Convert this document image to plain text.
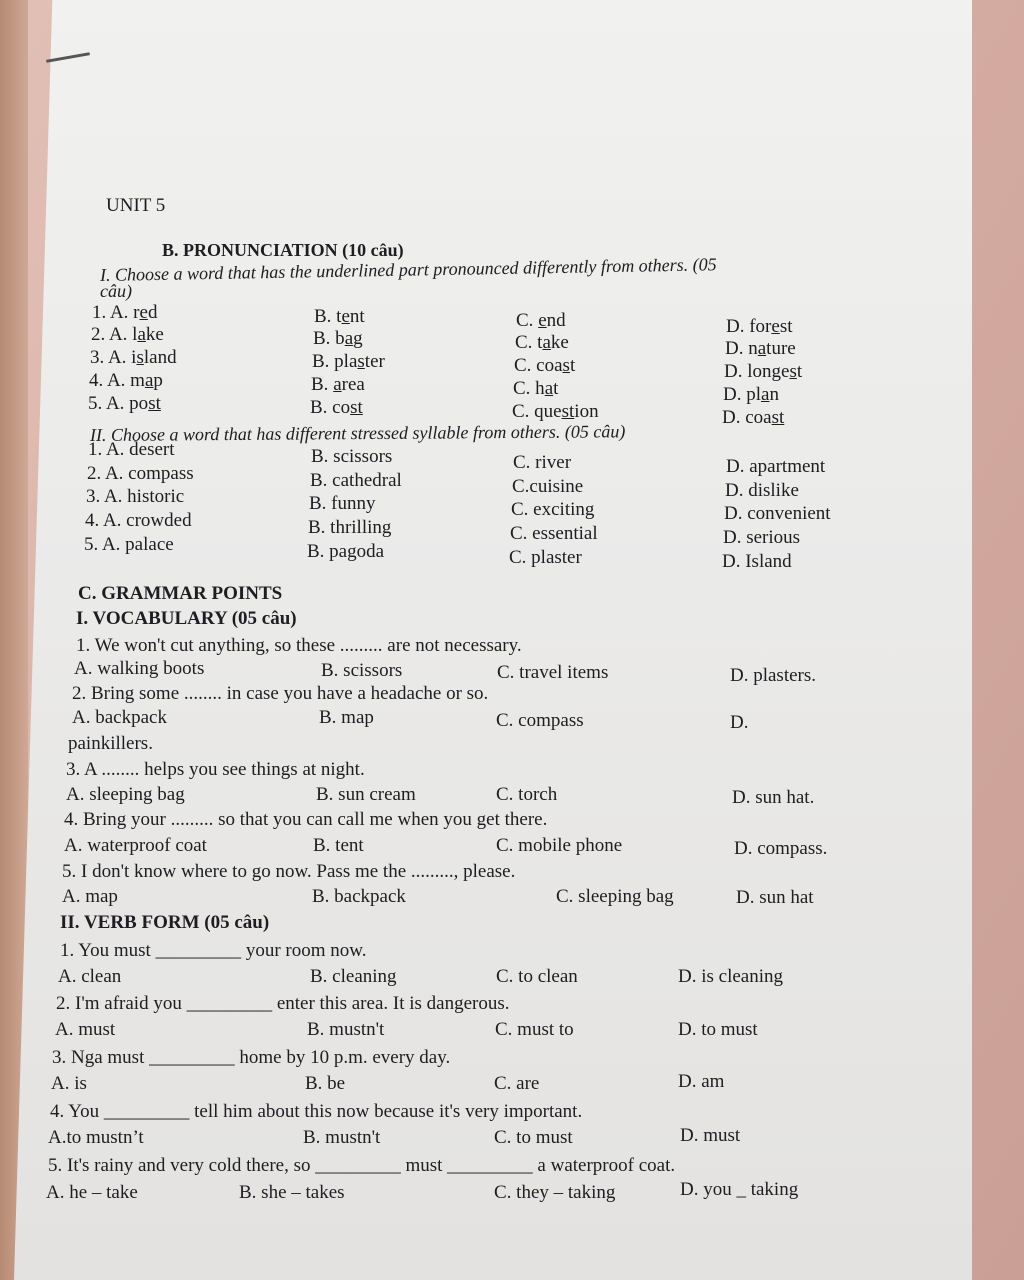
UNIT 5
B. PRONUNCIATION (10 câu)
I. Choose a word that has the underlined part pronounced differently from others. (05
câu)
1. A. red	B. tent	C. end	D. forest
2. A. lake	B. bag	C. take	D. nature
3. A. island	B. plaster	C. coast	D. longest
4. A. map	B. area	C. hat	D. plan
5. A. post	B. cost	C. question	D. coast
II. Choose a word that has different stressed syllable from others. (05 câu)
1. A. desert	B. scissors	C. river	D. apartment
2. A. compass	B. cathedral	C.cuisine	D. dislike
3. A. historic	B. funny	C. exciting	D. convenient
4. A. crowded	B. thrilling	C. essential	D. serious
5. A. palace	B. pagoda	C. plaster	D. Island
C. GRAMMAR POINTS
I. VOCABULARY (05 câu)
1. We won't cut anything, so these ......... are not necessary.
A. walking boots	B. scissors	C. travel items	D. plasters.
2. Bring some ........ in case you have a headache or so.
A. backpack	B. map	C. compass	D.
painkillers.
3. A ........ helps you see things at night.
A. sleeping bag	B. sun cream	C. torch	D. sun hat.
4. Bring your ......... so that you can call me when you get there.
A. waterproof coat	B. tent	C. mobile phone	D. compass.
5. I don't know where to go now. Pass me the ........., please.
A. map	B. backpack	C. sleeping bag	D. sun hat
II. VERB FORM (05 câu)
1. You must _________ your room now.
A. clean	B. cleaning	C. to clean	D. is cleaning
2. I'm afraid you _________ enter this area. It is dangerous.
A. must	B. mustn't	C. must to	D. to must
3. Nga must _________ home by 10 p.m. every day.
A. is	B. be	C. are	D. am
4. You _________ tell him about this now because it's very important.
A.to mustn’t	B. mustn't	C. to must	D. must
5. It's rainy and very cold there, so _________ must _________ a waterproof coat.
A. he – take	B. she – takes	C. they – taking	D. you _ taking
